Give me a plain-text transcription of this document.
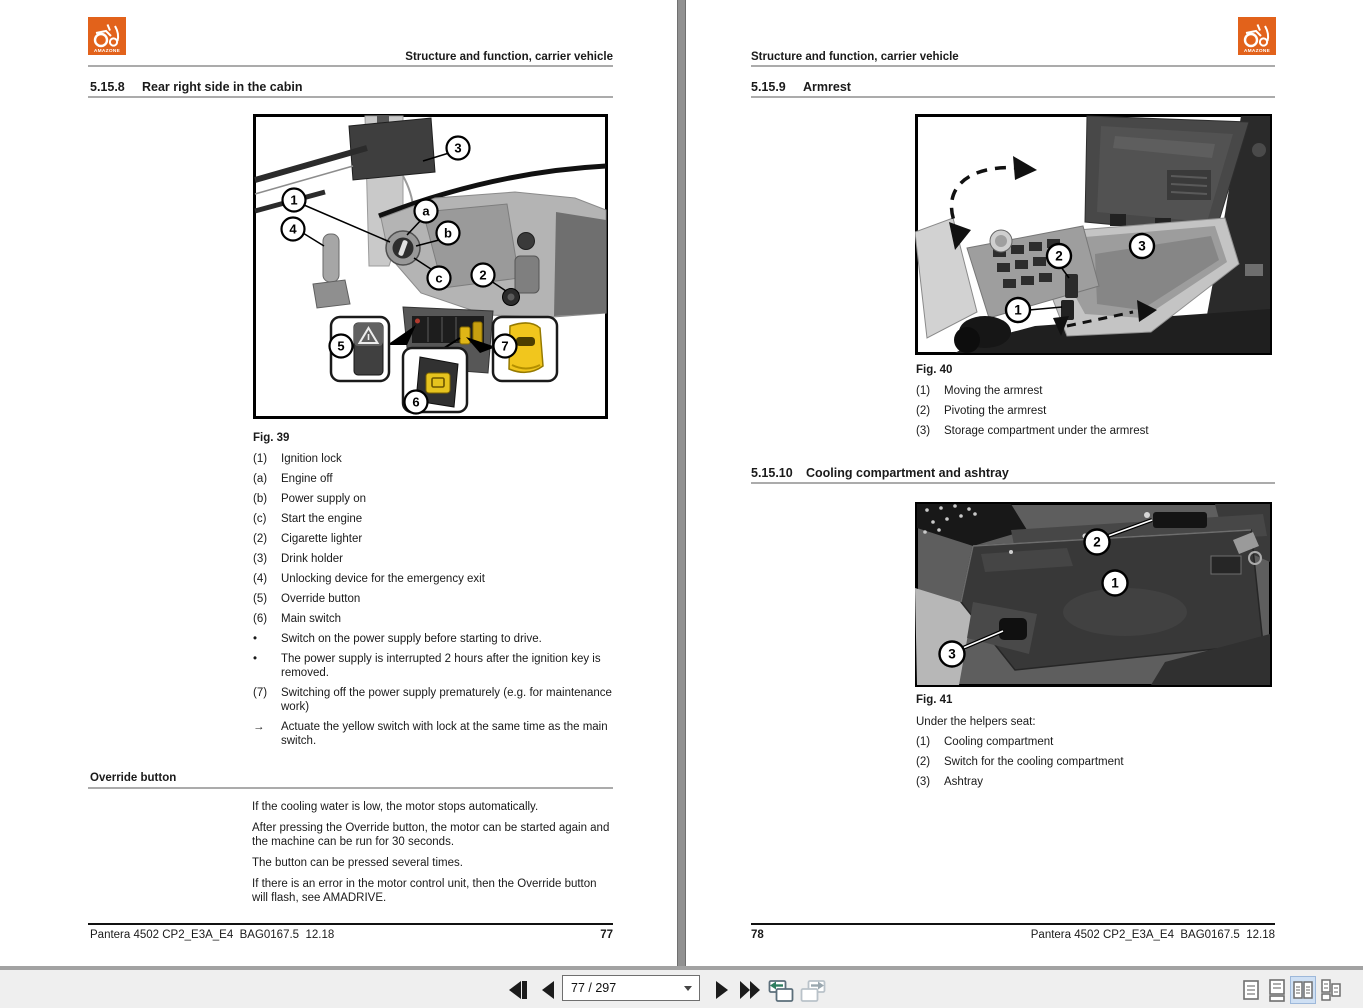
AMAZONE	Structure and function, carrier vehicle
5.15.8 Rear right side in the cabin
3
1
4
a
b
c	2
5
6
7
Fig. 39
(1)	Ignition lock
(a)	Engine off
(b)	Power supply on
(c)	Start the engine
(2)	Cigarette lighter
(3)	Drink holder
(4)	Unlocking device for the emergency exit
(5)	Override button
(6)	Main switch
•	Switch on the power supply before starting to drive.
•	The power supply is interrupted 2 hours after the ignition key is removed.
(7)	Switching off the power supply prematurely (e.g. for maintenance work)
→	Actuate the yellow switch with lock at the same time as the main switch.
Override button

If the cooling water is low, the motor stops automatically.

After pressing the Override button, the motor can be started again and the machine can be run for 30 seconds.

The button can be pressed several times.

If there is an error in the motor control unit, then the Override button will flash, see AMADRIVE.

Pantera 4502 CP2_E3A_E4  BAG0167.5  12.18	77
Structure and function, carrier vehicle	AMAZONE
5.15.9 Armrest
2
3
1
Fig. 40
(1)	Moving the armrest
(2)	Pivoting the armrest
(3)	Storage compartment under the armrest
5.15.10 Cooling compartment and ashtray
2
1
3
Fig. 41
Under the helpers seat:
(1)	Cooling compartment
(2)	Switch for the cooling compartment
(3)	Ashtray
78	Pantera 4502 CP2_E3A_E4  BAG0167.5  12.18
77 / 297
